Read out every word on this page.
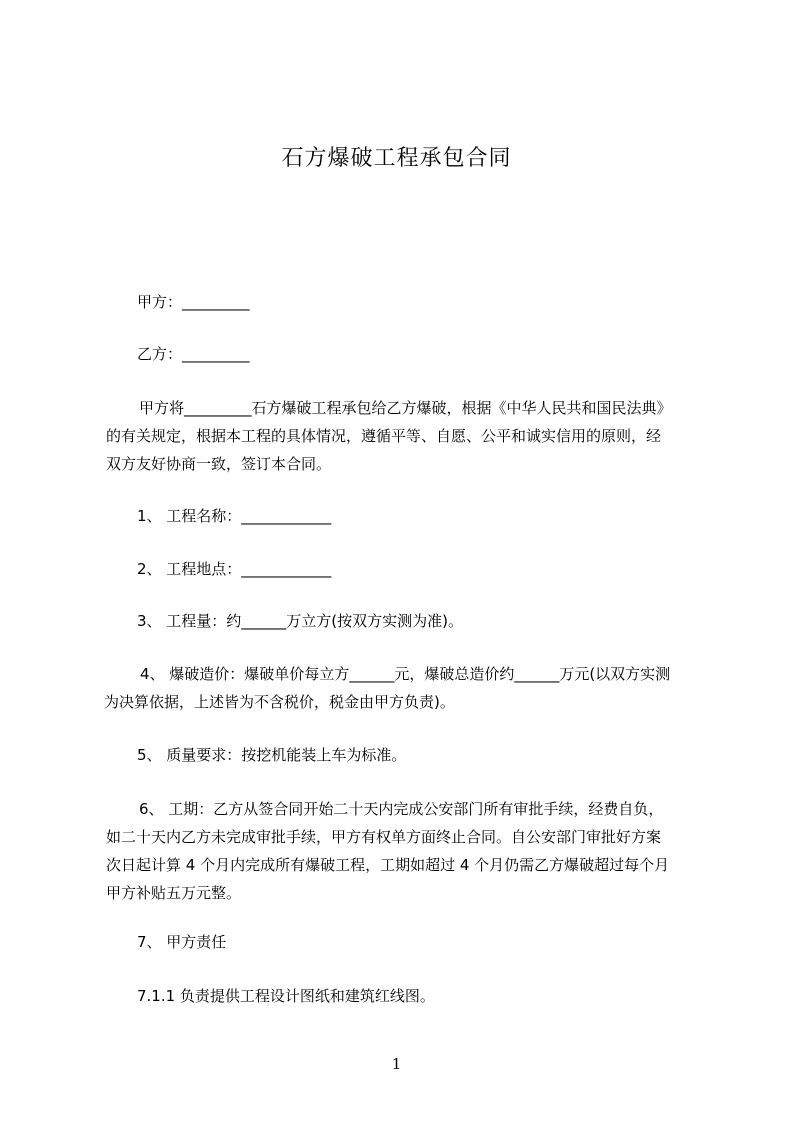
石方爆破工程承包合同

甲方：_________

乙方：_________

甲方将_________石方爆破工程承包给乙方爆破，根据《中华人民共和国民法典》
的有关规定，根据本工程的具体情况，遵循平等、自愿、公平和诚实信用的原则，经
双方友好协商一致，签订本合同。

1、 工程名称：____________

2、 工程地点：____________

3、 工程量：约______万立方(按双方实测为准)。

4、 爆破造价：爆破单价每立方______元，爆破总造价约______万元(以双方实测
为决算依据，上述皆为不含税价，税金由甲方负责)。

5、 质量要求：按挖机能装上车为标准。

6、 工期：乙方从签合同开始二十天内完成公安部门所有审批手续，经费自负，
如二十天内乙方未完成审批手续，甲方有权单方面终止合同。自公安部门审批好方案
次日起计算 4 个月内完成所有爆破工程，工期如超过 4 个月仍需乙方爆破超过每个月
甲方补贴五万元整。

7、 甲方责任

7.1.1 负责提供工程设计图纸和建筑红线图。

1
